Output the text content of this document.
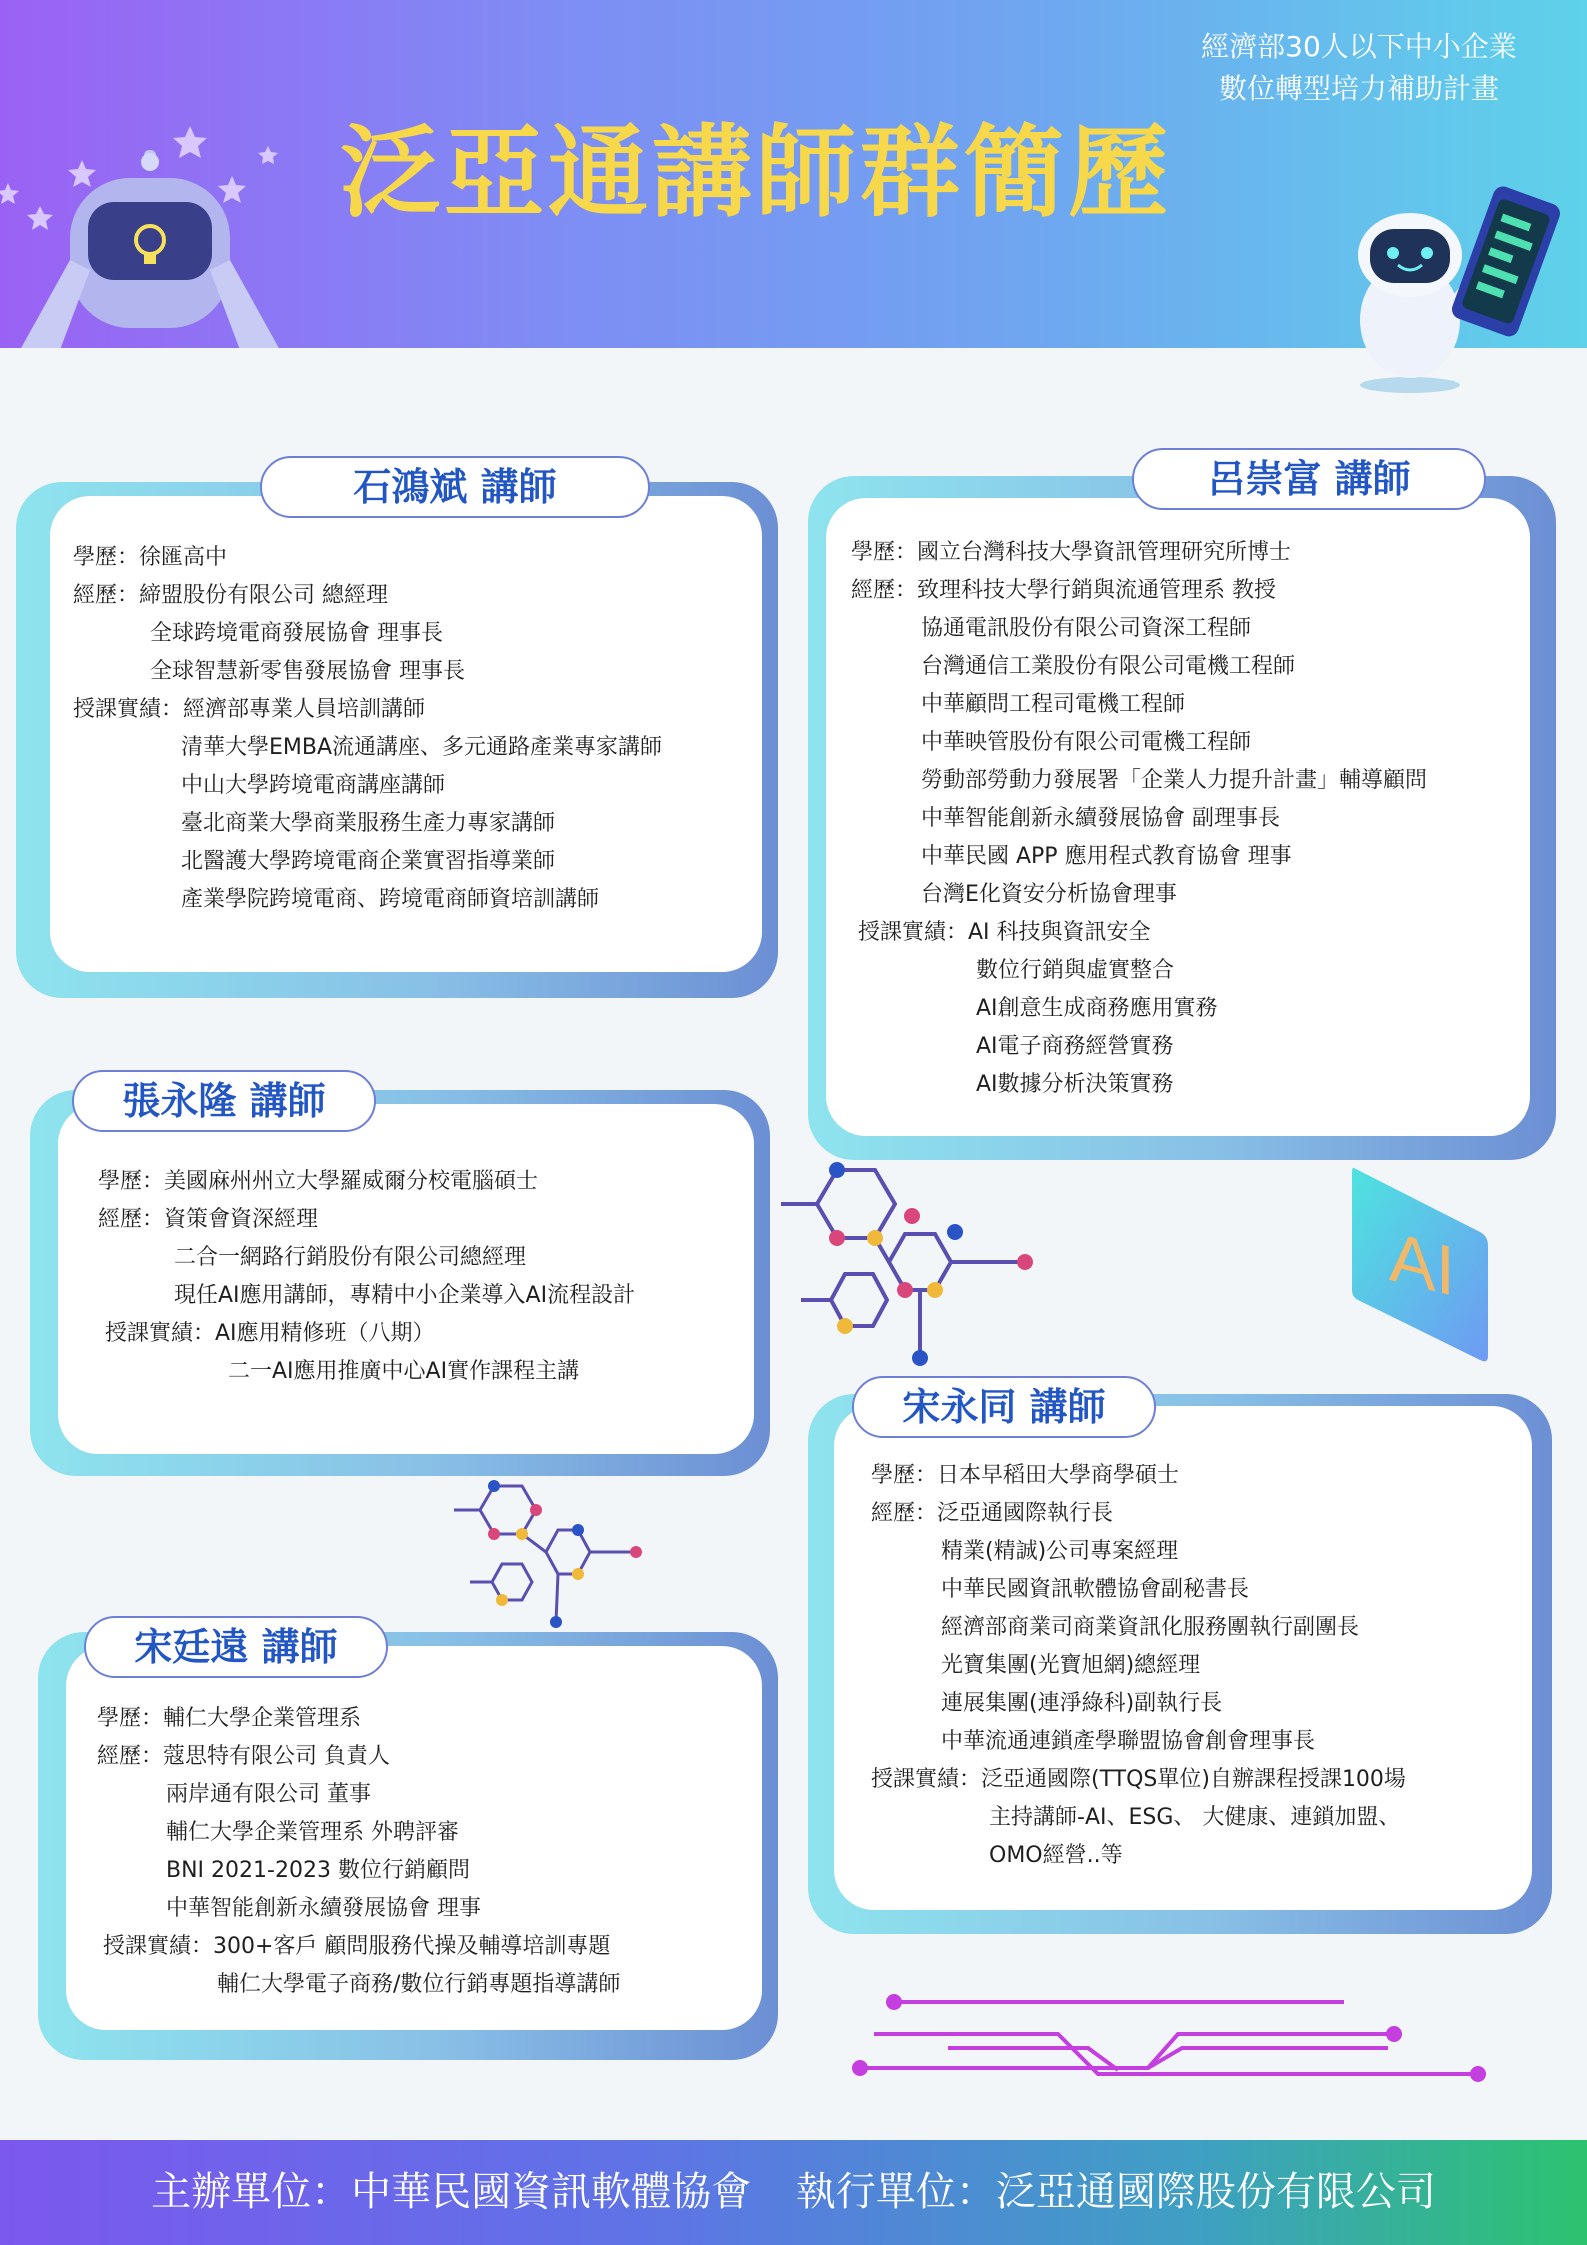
經濟部30人以下中小企業
數位轉型培力補助計畫
泛亞通講師群簡歷
石鴻斌 講師
學歷：徐匯高中
經歷：締盟股份有限公司 總經理
全球跨境電商發展協會 理事長
全球智慧新零售發展協會 理事長
授課實績：經濟部專業人員培訓講師
清華大學EMBA流通講座、多元通路產業專家講師
中山大學跨境電商講座講師
臺北商業大學商業服務生產力專家講師
北醫護大學跨境電商企業實習指導業師
產業學院跨境電商、跨境電商師資培訓講師
呂崇富 講師
學歷：國立台灣科技大學資訊管理研究所博士
經歷：致理科技大學行銷與流通管理系 教授
協通電訊股份有限公司資深工程師
台灣通信工業股份有限公司電機工程師
中華顧問工程司電機工程師
中華映管股份有限公司電機工程師
勞動部勞動力發展署「企業人力提升計畫」輔導顧問
中華智能創新永續發展協會 副理事長
中華民國 APP 應用程式教育協會 理事
台灣E化資安分析協會理事
授課實績：AI 科技與資訊安全
數位行銷與虛實整合
AI創意生成商務應用實務
AI電子商務經營實務
AI數據分析決策實務
張永隆 講師
學歷：美國麻州州立大學羅威爾分校電腦碩士
經歷：資策會資深經理
二合一網路行銷股份有限公司總經理
現任AI應用講師，專精中小企業導入AI流程設計
授課實績：AI應用精修班（八期）
二一AI應用推廣中心AI實作課程主講
宋永同 講師
學歷：日本早稻田大學商學碩士
經歷：泛亞通國際執行長
精業(精誠)公司專案經理
中華民國資訊軟體協會副秘書長
經濟部商業司商業資訊化服務團執行副團長
光寶集團(光寶旭網)總經理
連展集團(連淨綠科)副執行長
中華流通連鎖產學聯盟協會創會理事長
授課實績：泛亞通國際(TTQS單位)自辦課程授課100場
主持講師-AI、ESG、 大健康、連鎖加盟、
OMO經營..等
宋廷遠 講師
學歷：輔仁大學企業管理系
經歷：蔻思特有限公司 負責人
兩岸通有限公司 董事
輔仁大學企業管理系 外聘評審
BNI 2021-2023 數位行銷顧問
中華智能創新永續發展協會 理事
授課實績：300+客戶 顧問服務代操及輔導培訓專題
輔仁大學電子商務/數位行銷專題指導講師
AI
主辦單位：中華民國資訊軟體協會 執行單位：泛亞通國際股份有限公司
